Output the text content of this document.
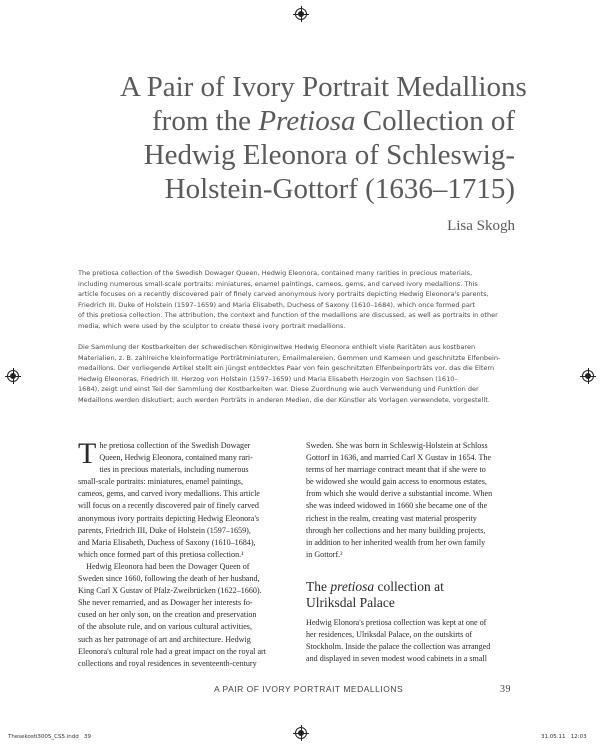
A Pair of Ivory Portrait Medallions
from the Pretiosa Collection of
Hedwig Eleonora of Schleswig-
Holstein-Gottorf (1636–1715)
Lisa Skogh
The pretiosa collection of the Swedish Dowager Queen, Hedwig Eleonora, contained many rarities in precious materials,
including numerous small-scale portraits: miniatures, enamel paintings, cameos, gems, and carved ivory medallions. This
article focuses on a recently discovered pair of finely carved anonymous ivory portraits depicting Hedwig Eleonora's parents,
Friedrich III, Duke of Holstein (1597–1659) and Maria Elisabeth, Duchess of Saxony (1610–1684), which once formed part
of this pretiosa collection. The attribution, the context and function of the medallions are discussed, as well as portraits in other
media, which were used by the sculptor to create these ivory portrait medallions.
Die Sammlung der Kostbarkeiten der schwedischen Königinwitwe Hedwig Eleonora enthielt viele Raritäten aus kostbaren
Materialien, z. B. zahlreiche kleinformatige Porträtminiaturen, Emailmalereien, Gemmen und Kameen und geschnitzte Elfenbein-
medaillons. Der vorliegende Artikel stellt ein jüngst entdecktes Paar von fein geschnitzten Elfenbeinporträts vor, das die Eltern
Hedwig Eleonoras, Friedrich III. Herzog von Holstein (1597–1659) und Maria Elisabeth Herzogin von Sachsen (1610–
1684), zeigt und einst Teil der Sammlung der Kostbarkeiten war. Diese Zuordnung wie auch Verwendung und Funktion der
Medaillons werden diskutiert; auch werden Porträts in anderen Medien, die der Künstler als Vorlagen verwendete, vorgestellt.
T he pretiosa collection of the Swedish Dowager
Queen, Hedwig Eleonora, contained many rari-
ties in precious materials, including numerous
small-scale portraits: miniatures, enamel paintings,
cameos, gems, and carved ivory medallions. This article
will focus on a recently discovered pair of finely carved
anonymous ivory portraits depicting Hedwig Eleonora's
parents, Friedrich III, Duke of Holstein (1597–1659),
and Maria Elisabeth, Duchess of Saxony (1610–1684),
which once formed part of this pretiosa collection.¹
Hedwig Eleonora had been the Dowager Queen of
Sweden since 1660, following the death of her husband,
King Carl X Gustav of Pfalz-Zweibrücken (1622–1660).
She never remarried, and as Dowager her interests fo-
cused on her only son, on the creation and preservation
of the absolute rule, and on various cultural activities,
such as her patronage of art and architecture. Hedwig
Eleonora's cultural role had a great impact on the royal art
collections and royal residences in seventeenth-century
Sweden. She was born in Schleswig-Holstein at Schloss
Gottorf in 1636, and married Carl X Gustav in 1654. The
terms of her marriage contract meant that if she were to
be widowed she would gain access to enormous estates,
from which she would derive a substantial income. When
she was indeed widowed in 1660 she became one of the
richest in the realm, creating vast material prosperity
through her collections and her many building projects,
in addition to her inherited wealth from her own family
in Gottorf.²
The pretiosa collection at
Ulriksdal Palace
Hedwig Elonora's pretiosa collection was kept at one of
her residences, Ulriksdal Palace, on the outskirts of
Stockholm. Inside the palace the collection was arranged
and displayed in seven modest wood cabinets in a small
A PAIR OF IVORY PORTRAIT MEDALLIONS	39
Thesekosti3005_CS5.indd   39	31.05.11   12:03
